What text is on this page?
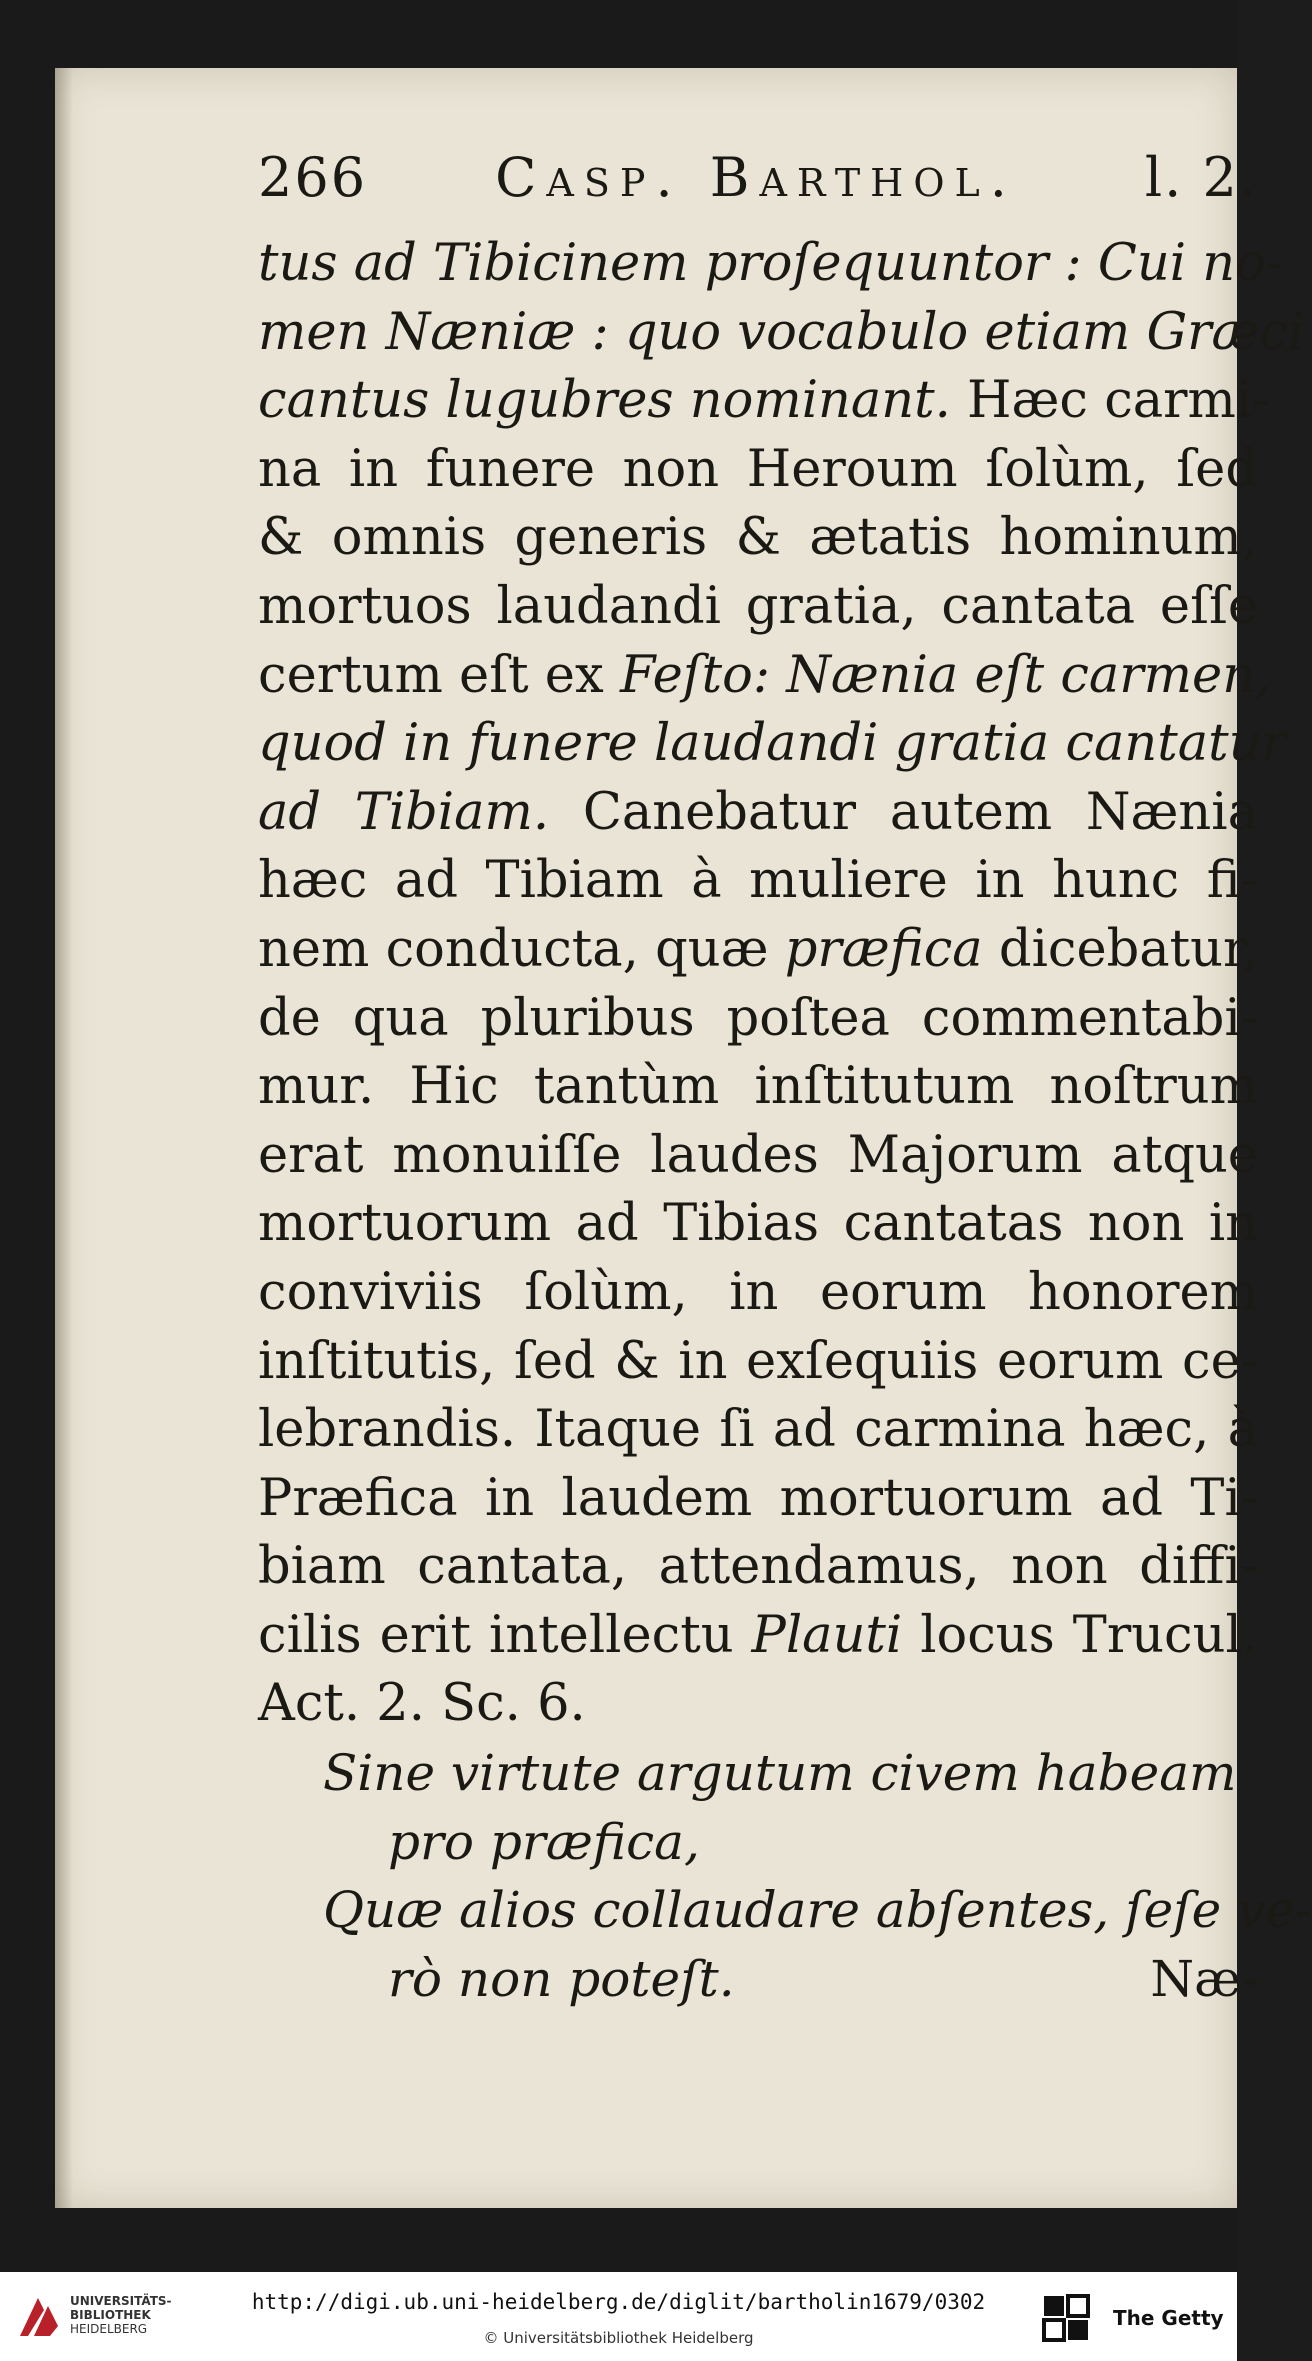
266 Casp. Barthol. l. 2.
tus ad Tibicinem proſequuntor : Cui no-
men Næniæ : quo vocabulo etiam Græci
cantus lugubres nominant. Hæc carmi-
na in funere non Heroum ſolùm, ſed
& omnis generis & ætatis hominum,
mortuos laudandi gratia, cantata eſſe
certum eſt ex Feſto: Nænia eſt carmen,
quod in funere laudandi gratia cantatur
ad Tibiam. Canebatur autem Nænia
hæc ad Tibiam à muliere in hunc fi-
nem conducta, quæ præfica dicebatur,
de qua pluribus poſtea commentabi-
mur. Hic tantùm inſtitutum noſtrum
erat monuiſſe laudes Majorum atque
mortuorum ad Tibias cantatas non in
conviviis ſolùm, in eorum honorem
inſtitutis, ſed & in exſequiis eorum ce-
lebrandis. Itaque ſi ad carmina hæc, à
Præfica in laudem mortuorum ad Ti-
biam cantata, attendamus, non diffi-
cilis erit intellectu Plauti locus Trucul.
Act. 2. Sc. 6.
Sine virtute argutum civem habeam
pro præfica,
Quæ alios collaudare abſentes, ſeſe ve-
rò non poteſt.	Næ-
UNIVERSITÄTS-
BIBLIOTHEK
HEIDELBERG
http://digi.ub.uni-heidelberg.de/diglit/bartholin1679/0302
© Universitätsbibliothek Heidelberg
The Getty
